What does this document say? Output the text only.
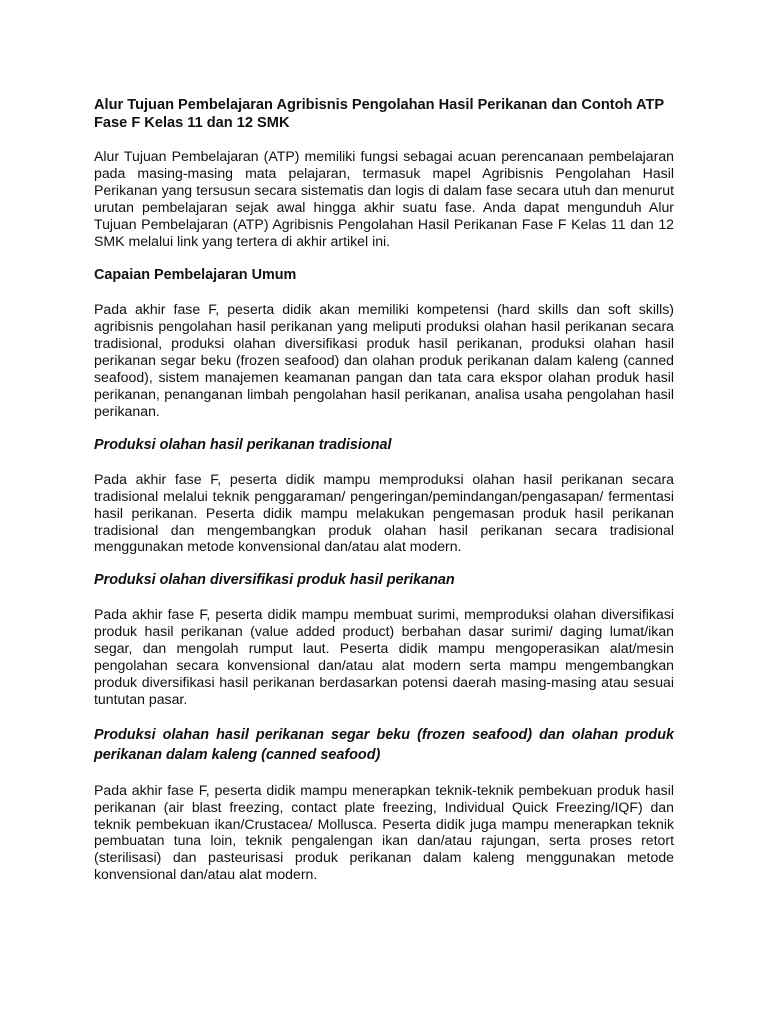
Alur Tujuan Pembelajaran Agribisnis Pengolahan Hasil Perikanan dan Contoh ATP Fase F Kelas 11 dan 12 SMK
Alur Tujuan Pembelajaran (ATP) memiliki fungsi sebagai acuan perencanaan pembelajaran pada masing-masing mata pelajaran, termasuk mapel Agribisnis Pengolahan Hasil Perikanan yang tersusun secara sistematis dan logis di dalam fase secara utuh dan menurut urutan pembelajaran sejak awal hingga akhir suatu fase. Anda dapat mengunduh Alur Tujuan Pembelajaran (ATP) Agribisnis Pengolahan Hasil Perikanan Fase F Kelas 11 dan 12 SMK melalui link yang tertera di akhir artikel ini.
Capaian Pembelajaran Umum
Pada akhir fase F, peserta didik akan memiliki kompetensi (hard skills dan soft skills) agribisnis pengolahan hasil perikanan yang meliputi produksi olahan hasil perikanan secara tradisional, produksi olahan diversifikasi produk hasil perikanan, produksi olahan hasil perikanan segar beku (frozen seafood) dan olahan produk perikanan dalam kaleng (canned seafood), sistem manajemen keamanan pangan dan tata cara ekspor olahan produk hasil perikanan, penanganan limbah pengolahan hasil perikanan, analisa usaha pengolahan hasil perikanan.
Produksi olahan hasil perikanan tradisional
Pada akhir fase F, peserta didik mampu memproduksi olahan hasil perikanan secara tradisional melalui teknik penggaraman/ pengeringan/pemindangan/pengasapan/ fermentasi hasil perikanan. Peserta didik mampu melakukan pengemasan produk hasil perikanan tradisional dan mengembangkan produk olahan hasil perikanan secara tradisional menggunakan metode konvensional dan/atau alat modern.
Produksi olahan diversifikasi produk hasil perikanan
Pada akhir fase F, peserta didik mampu membuat surimi, memproduksi olahan diversifikasi produk hasil perikanan (value added product) berbahan dasar surimi/ daging lumat/ikan segar, dan mengolah rumput laut. Peserta didik mampu mengoperasikan alat/mesin pengolahan secara konvensional dan/atau alat modern serta mampu mengembangkan produk diversifikasi hasil perikanan berdasarkan potensi daerah masing-masing atau sesuai tuntutan pasar.
Produksi olahan hasil perikanan segar beku (frozen seafood) dan olahan produk perikanan dalam kaleng (canned seafood)
Pada akhir fase F, peserta didik mampu menerapkan teknik-teknik pembekuan produk hasil perikanan (air blast freezing, contact plate freezing, Individual Quick Freezing/IQF) dan teknik pembekuan ikan/Crustacea/ Mollusca. Peserta didik juga mampu menerapkan teknik pembuatan tuna loin, teknik pengalengan ikan dan/atau rajungan, serta proses retort (sterilisasi) dan pasteurisasi produk perikanan dalam kaleng menggunakan metode konvensional dan/atau alat modern.
